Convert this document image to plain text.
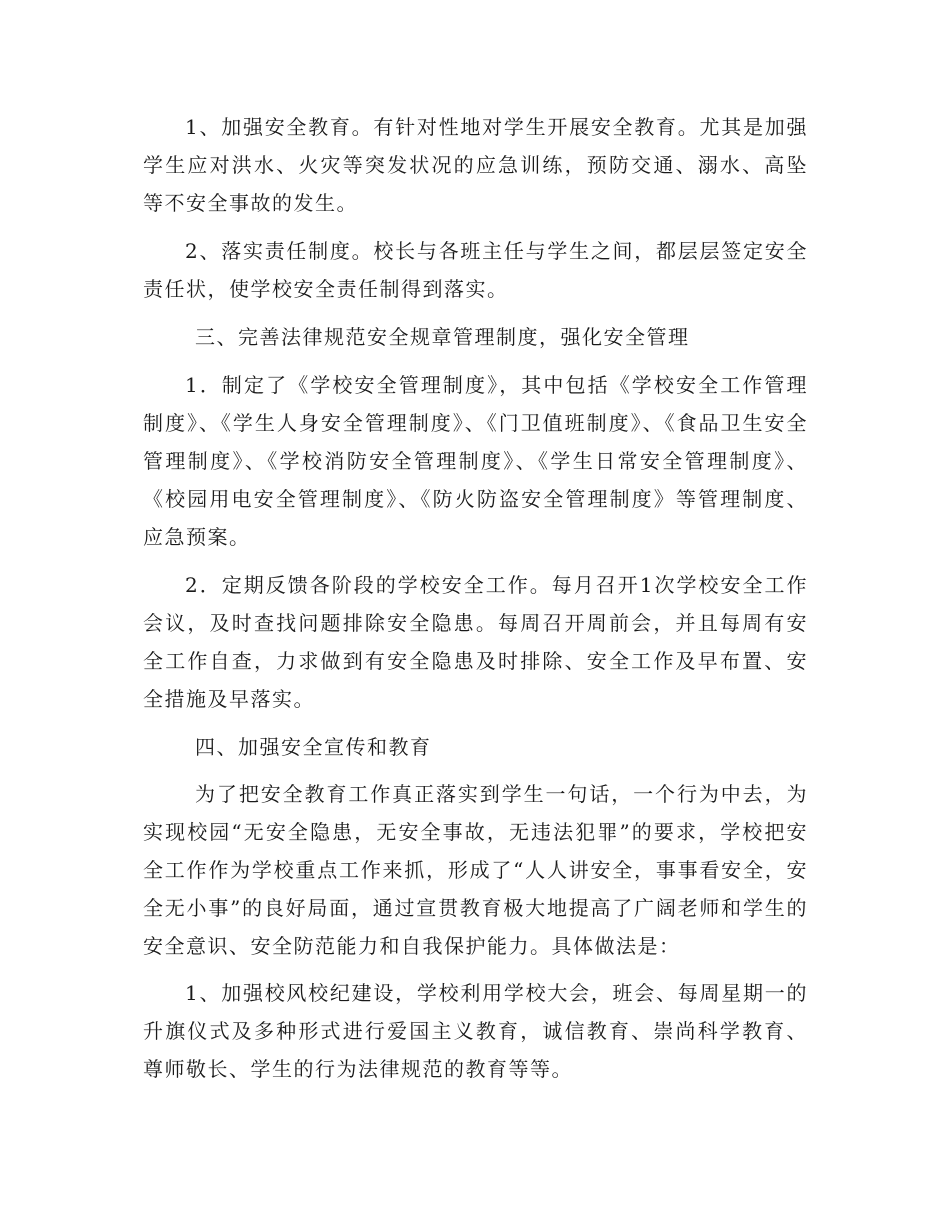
1、加强安全教育。有针对性地对学生开展安全教育。尤其是加强学生应对洪水、火灾等突发状况的应急训练，预防交通、溺水、高坠等不安全事故的发生。

2、落实责任制度。校长与各班主任与学生之间，都层层签定安全责任状，使学校安全责任制得到落实。

三、完善法律规范安全规章管理制度，强化安全管理

1．制定了《学校安全管理制度》，其中包括《学校安全工作管理制度》、《学生人身安全管理制度》、《门卫值班制度》、《食品卫生安全管理制度》、《学校消防安全管理制度》、《学生日常安全管理制度》、《校园用电安全管理制度》、《防火防盗安全管理制度》等管理制度、应急预案。

2．定期反馈各阶段的学校安全工作。每月召开1次学校安全工作会议，及时查找问题排除安全隐患。每周召开周前会，并且每周有安全工作自查，力求做到有安全隐患及时排除、安全工作及早布置、安全措施及早落实。

四、加强安全宣传和教育

为了把安全教育工作真正落实到学生一句话，一个行为中去，为实现校园“无安全隐患，无安全事故，无违法犯罪”的要求，学校把安全工作作为学校重点工作来抓，形成了“人人讲安全，事事看安全，安全无小事”的良好局面，通过宣贯教育极大地提高了广阔老师和学生的安全意识、安全防范能力和自我保护能力。具体做法是：

1、加强校风校纪建设，学校利用学校大会，班会、每周星期一的升旗仪式及多种形式进行爱国主义教育，诚信教育、崇尚科学教育、尊师敬长、学生的行为法律规范的教育等等。
